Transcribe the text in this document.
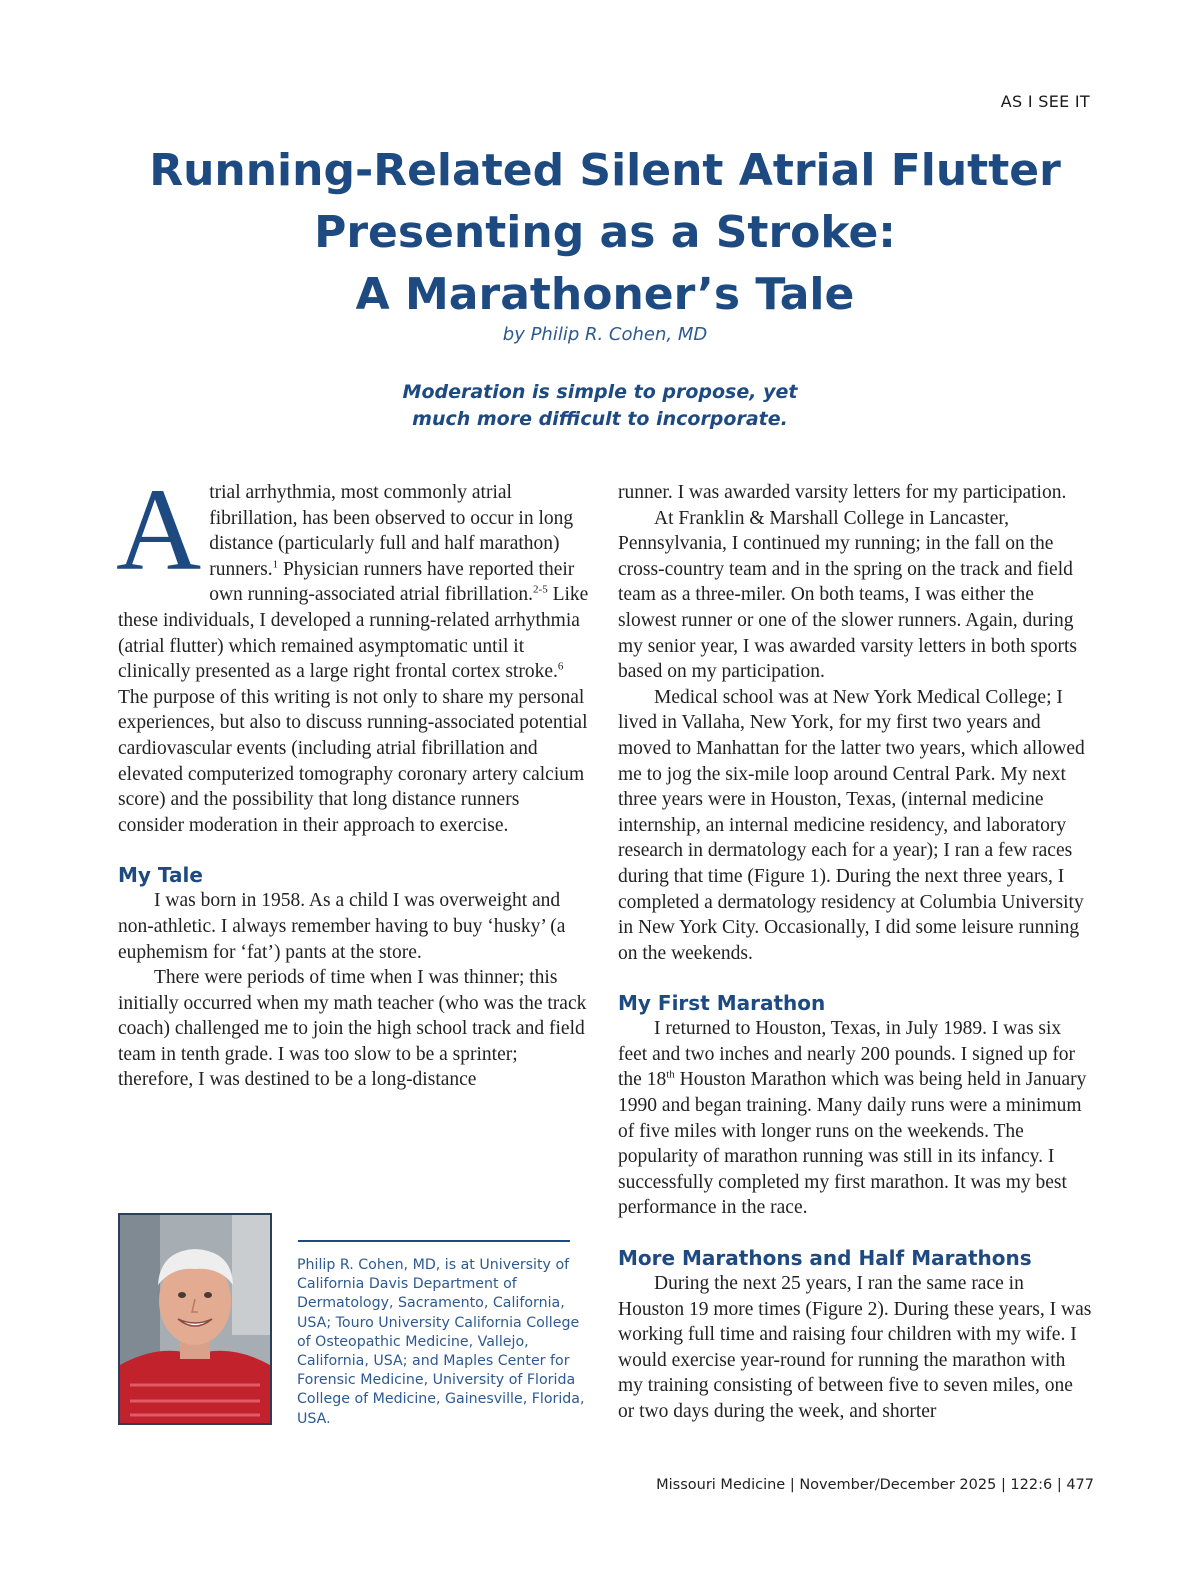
AS I SEE IT
Running-Related Silent Atrial Flutter
Presenting as a Stroke:
A Marathoner’s Tale
by Philip R. Cohen, MD
Moderation is simple to propose, yet
much more difficult to incorporate.

Atrial arrhythmia, most commonly atrial fibrillation, has been observed to occur in long distance (particularly full and half marathon) runners.$^1$ Physician runners have reported their own running-associated atrial fibrillation.$^{2-5}$ Like these individuals, I developed a running-related arrhythmia (atrial flutter) which remained asymptomatic until it clinically presented as a large right frontal cortex stroke.$^6$ The purpose of this writing is not only to share my personal experiences, but also to discuss running-associated potential cardiovascular events (including atrial fibrillation and elevated computerized tomography coronary artery calcium score) and the possibility that long distance runners consider moderation in their approach to exercise.

My Tale

I was born in 1958. As a child I was overweight and non-athletic. I always remember having to buy ‘husky’ (a euphemism for ‘fat’) pants at the store.

There were periods of time when I was thinner; this initially occurred when my math teacher (who was the track coach) challenged me to join the high school track and field team in tenth grade. I was too slow to be a sprinter; therefore, I was destined to be a long-distance

Philip R. Cohen, MD, is at University of California Davis Department of Dermatology, Sacramento, California, USA; Touro University California College of Osteopathic Medicine, Vallejo, California, USA; and Maples Center for Forensic Medicine, University of Florida College of Medicine, Gainesville, Florida, USA.

runner. I was awarded varsity letters for my participation.

At Franklin & Marshall College in Lancaster, Pennsylvania, I continued my running; in the fall on the cross-country team and in the spring on the track and field team as a three-miler. On both teams, I was either the slowest runner or one of the slower runners. Again, during my senior year, I was awarded varsity letters in both sports based on my participation.

Medical school was at New York Medical College; I lived in Vallaha, New York, for my first two years and moved to Manhattan for the latter two years, which allowed me to jog the six-mile loop around Central Park. My next three years were in Houston, Texas, (internal medicine internship, an internal medicine residency, and laboratory research in dermatology each for a year); I ran a few races during that time (Figure 1). During the next three years, I completed a dermatology residency at Columbia University in New York City. Occasionally, I did some leisure running on the weekends.

My First Marathon

I returned to Houston, Texas, in July 1989. I was six feet and two inches and nearly 200 pounds. I signed up for the 18th Houston Marathon which was being held in January 1990 and began training. Many daily runs were a minimum of five miles with longer runs on the weekends. The popularity of marathon running was still in its infancy. I successfully completed my first marathon. It was my best performance in the race.

More Marathons and Half Marathons

During the next 25 years, I ran the same race in Houston 19 more times (Figure 2). During these years, I was working full time and raising four children with my wife. I would exercise year-round for running the marathon with my training consisting of between five to seven miles, one or two days during the week, and shorter

Missouri Medicine | November/December 2025 | 122:6 | 477
